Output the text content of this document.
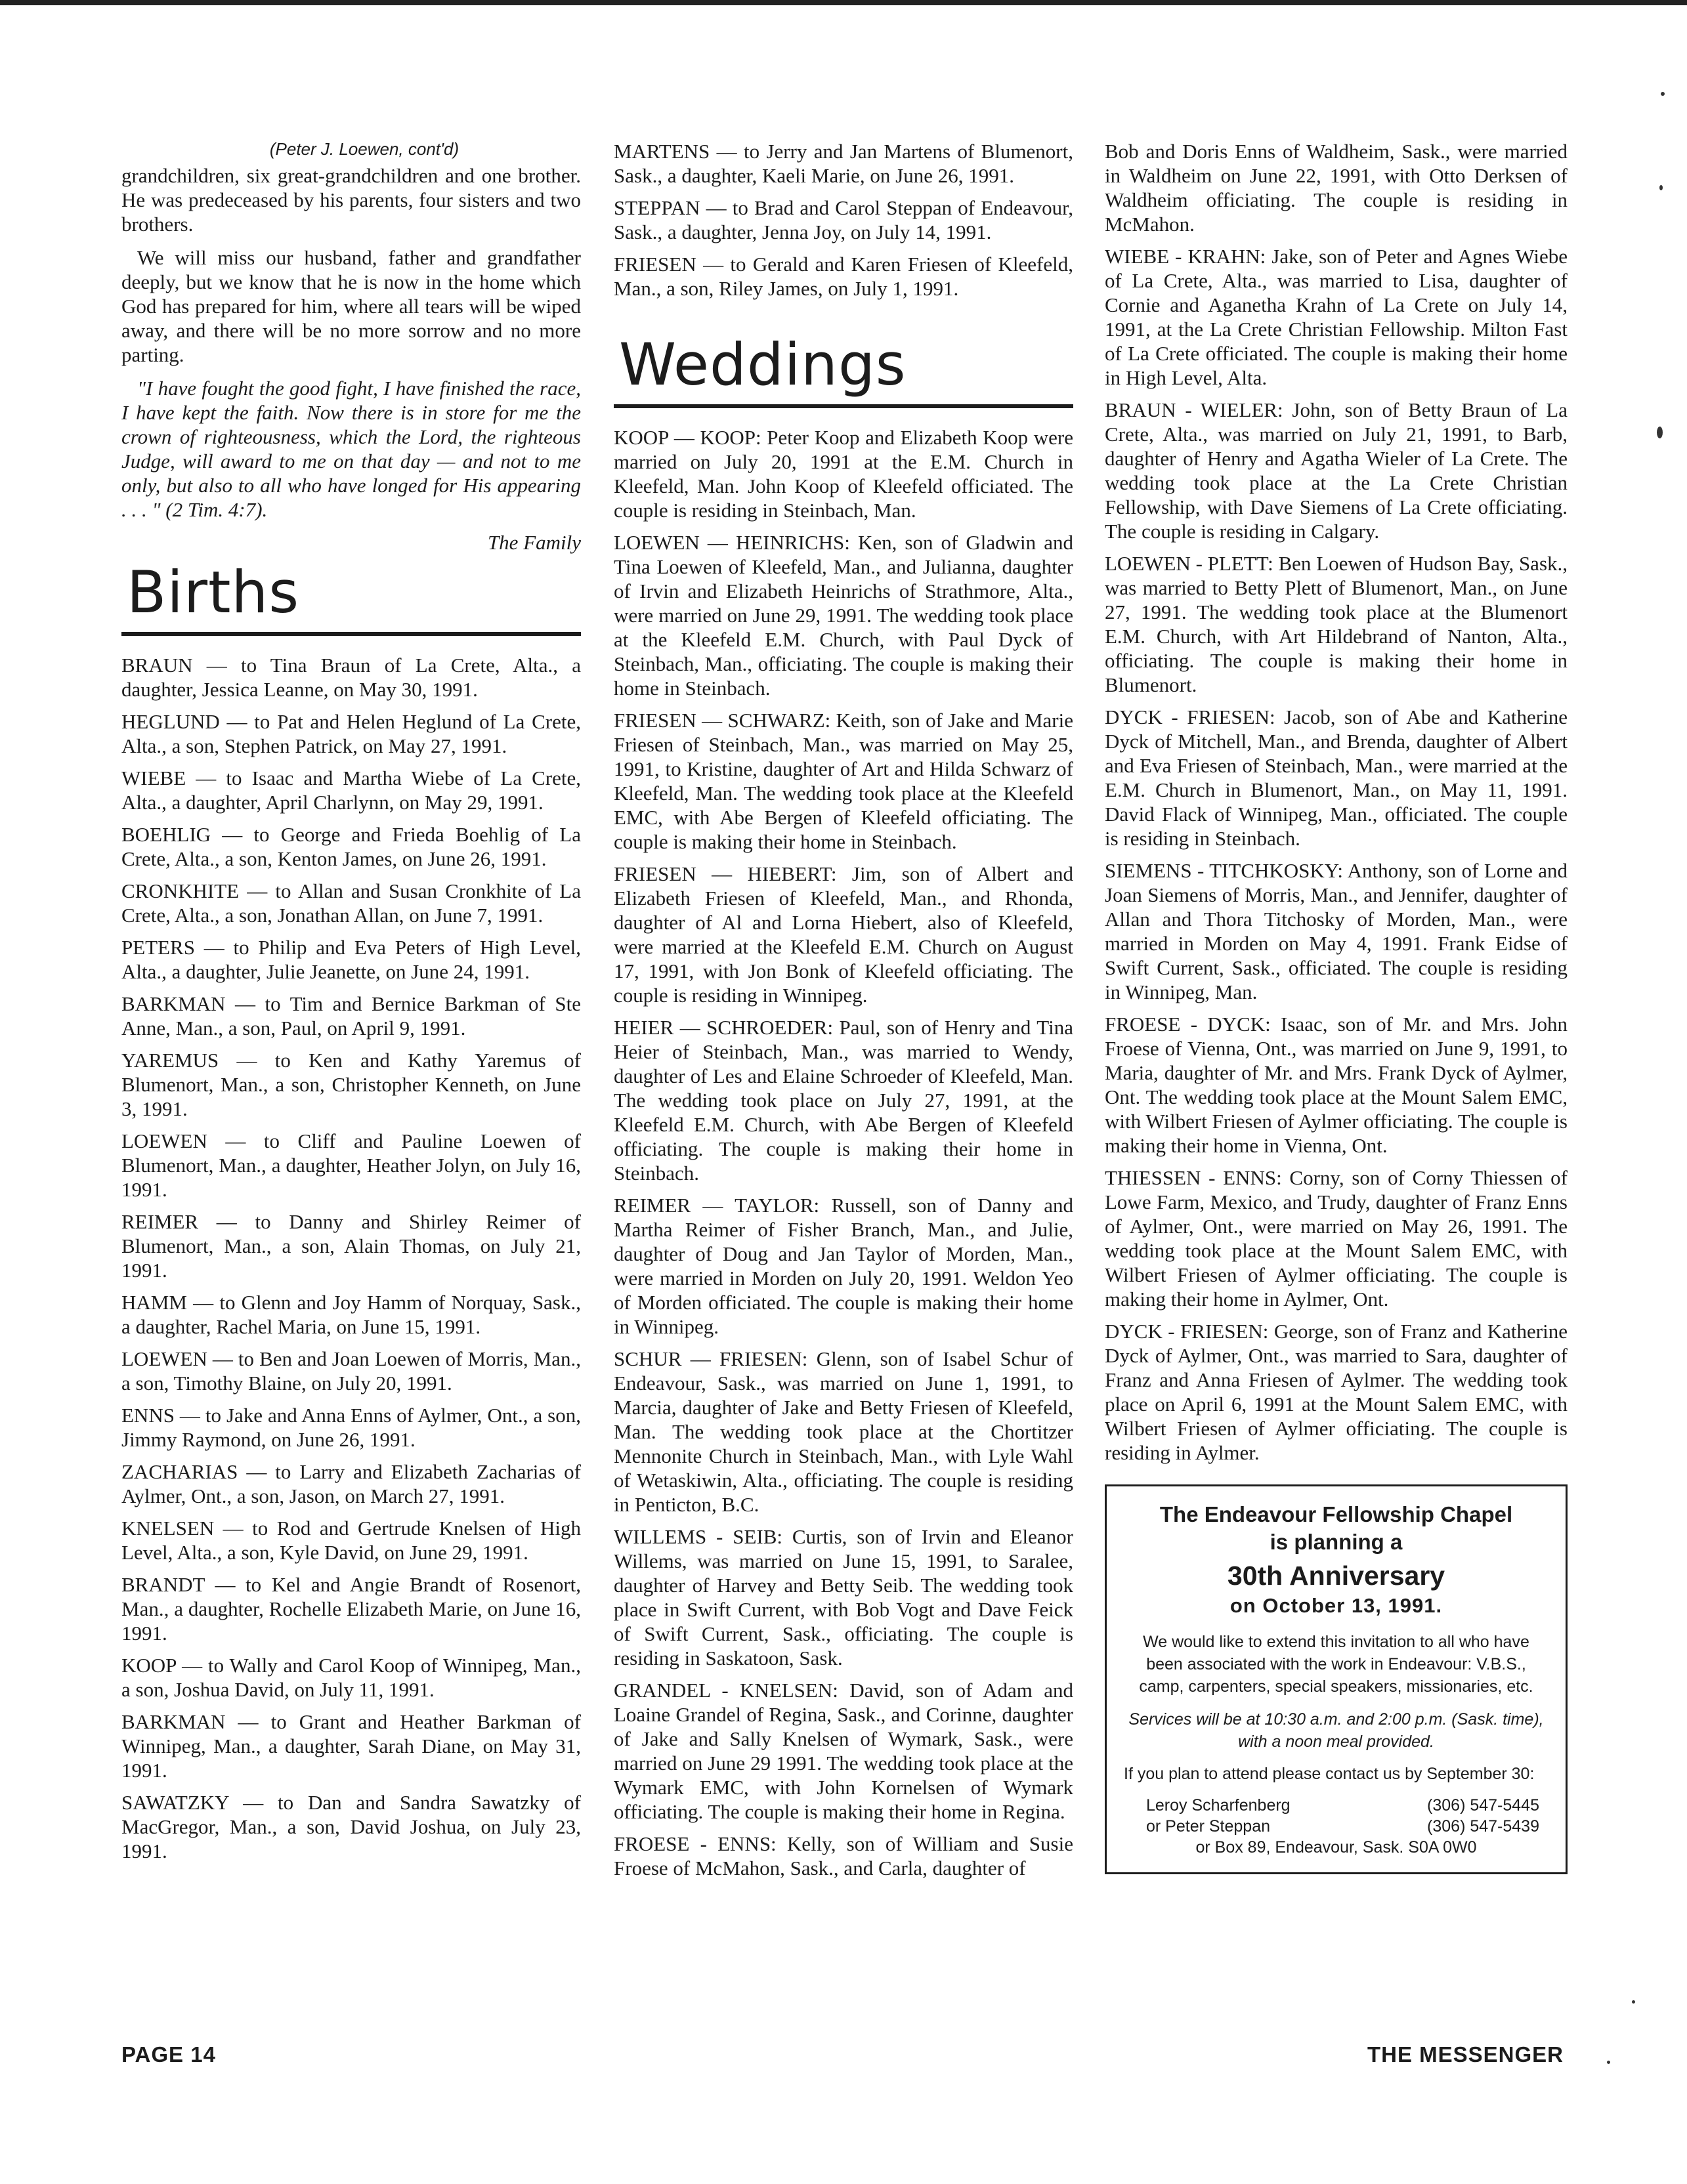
(Peter J. Loewen, cont'd)

grandchildren, six great-grandchildren and one brother. He was predeceased by his parents, four sisters and two brothers.

We will miss our husband, father and grandfather deeply, but we know that he is now in the home which God has prepared for him, where all tears will be wiped away, and there will be no more sorrow and no more parting.

"I have fought the good fight, I have finished the race, I have kept the faith. Now there is in store for me the crown of righteousness, which the Lord, the righteous Judge, will award to me on that day — and not to me only, but also to all who have longed for His appearing . . . " (2 Tim. 4:7).

The Family

Births

BRAUN — to Tina Braun of La Crete, Alta., a daughter, Jessica Leanne, on May 30, 1991.

HEGLUND — to Pat and Helen Heglund of La Crete, Alta., a son, Stephen Patrick, on May 27, 1991.

WIEBE — to Isaac and Martha Wiebe of La Crete, Alta., a daughter, April Charlynn, on May 29, 1991.

BOEHLIG — to George and Frieda Boehlig of La Crete, Alta., a son, Kenton James, on June 26, 1991.

CRONKHITE — to Allan and Susan Cronkhite of La Crete, Alta., a son, Jonathan Allan, on June 7, 1991.

PETERS — to Philip and Eva Peters of High Level, Alta., a daughter, Julie Jeanette, on June 24, 1991.

BARKMAN — to Tim and Bernice Barkman of Ste Anne, Man., a son, Paul, on April 9, 1991.

YAREMUS — to Ken and Kathy Yaremus of Blumenort, Man., a son, Christopher Kenneth, on June 3, 1991.

LOEWEN — to Cliff and Pauline Loewen of Blumenort, Man., a daughter, Heather Jolyn, on July 16, 1991.

REIMER — to Danny and Shirley Reimer of Blumenort, Man., a son, Alain Thomas, on July 21, 1991.

HAMM — to Glenn and Joy Hamm of Norquay, Sask., a daughter, Rachel Maria, on June 15, 1991.

LOEWEN — to Ben and Joan Loewen of Morris, Man., a son, Timothy Blaine, on July 20, 1991.

ENNS — to Jake and Anna Enns of Aylmer, Ont., a son, Jimmy Raymond, on June 26, 1991.

ZACHARIAS — to Larry and Elizabeth Zacharias of Aylmer, Ont., a son, Jason, on March 27, 1991.

KNELSEN — to Rod and Gertrude Knelsen of High Level, Alta., a son, Kyle David, on June 29, 1991.

BRANDT — to Kel and Angie Brandt of Rosenort, Man., a daughter, Rochelle Elizabeth Marie, on June 16, 1991.

KOOP — to Wally and Carol Koop of Winnipeg, Man., a son, Joshua David, on July 11, 1991.

BARKMAN — to Grant and Heather Barkman of Winnipeg, Man., a daughter, Sarah Diane, on May 31, 1991.

SAWATZKY — to Dan and Sandra Sawatzky of MacGregor, Man., a son, David Joshua, on July 23, 1991.

MARTENS — to Jerry and Jan Martens of Blumenort, Sask., a daughter, Kaeli Marie, on June 26, 1991.

STEPPAN — to Brad and Carol Steppan of Endeavour, Sask., a daughter, Jenna Joy, on July 14, 1991.

FRIESEN — to Gerald and Karen Friesen of Kleefeld, Man., a son, Riley James, on July 1, 1991.

Weddings

KOOP — KOOP: Peter Koop and Elizabeth Koop were married on July 20, 1991 at the E.M. Church in Kleefeld, Man. John Koop of Kleefeld officiated. The couple is residing in Steinbach, Man.

LOEWEN — HEINRICHS: Ken, son of Gladwin and Tina Loewen of Kleefeld, Man., and Julianna, daughter of Irvin and Elizabeth Heinrichs of Strathmore, Alta., were married on June 29, 1991. The wedding took place at the Kleefeld E.M. Church, with Paul Dyck of Steinbach, Man., officiating. The couple is making their home in Steinbach.

FRIESEN — SCHWARZ: Keith, son of Jake and Marie Friesen of Steinbach, Man., was married on May 25, 1991, to Kristine, daughter of Art and Hilda Schwarz of Kleefeld, Man. The wedding took place at the Kleefeld EMC, with Abe Bergen of Kleefeld officiating. The couple is making their home in Steinbach.

FRIESEN — HIEBERT: Jim, son of Albert and Elizabeth Friesen of Kleefeld, Man., and Rhonda, daughter of Al and Lorna Hiebert, also of Kleefeld, were married at the Kleefeld E.M. Church on August 17, 1991, with Jon Bonk of Kleefeld officiating. The couple is residing in Winnipeg.

HEIER — SCHROEDER: Paul, son of Henry and Tina Heier of Steinbach, Man., was married to Wendy, daughter of Les and Elaine Schroeder of Kleefeld, Man. The wedding took place on July 27, 1991, at the Kleefeld E.M. Church, with Abe Bergen of Kleefeld officiating. The couple is making their home in Steinbach.

REIMER — TAYLOR: Russell, son of Danny and Martha Reimer of Fisher Branch, Man., and Julie, daughter of Doug and Jan Taylor of Morden, Man., were married in Morden on July 20, 1991. Weldon Yeo of Morden officiated. The couple is making their home in Winnipeg.

SCHUR — FRIESEN: Glenn, son of Isabel Schur of Endeavour, Sask., was married on June 1, 1991, to Marcia, daughter of Jake and Betty Friesen of Kleefeld, Man. The wedding took place at the Chortitzer Mennonite Church in Steinbach, Man., with Lyle Wahl of Wetaskiwin, Alta., officiating. The couple is residing in Penticton, B.C.

WILLEMS - SEIB: Curtis, son of Irvin and Eleanor Willems, was married on June 15, 1991, to Saralee, daughter of Harvey and Betty Seib. The wedding took place in Swift Current, with Bob Vogt and Dave Feick of Swift Current, Sask., officiating. The couple is residing in Saskatoon, Sask.

GRANDEL - KNELSEN: David, son of Adam and Loaine Grandel of Regina, Sask., and Corinne, daughter of Jake and Sally Knelsen of Wymark, Sask., were married on June 29 1991. The wedding took place at the Wymark EMC, with John Kornelsen of Wymark officiating. The couple is making their home in Regina.

FROESE - ENNS: Kelly, son of William and Susie Froese of McMahon, Sask., and Carla, daughter of

Bob and Doris Enns of Waldheim, Sask., were married in Waldheim on June 22, 1991, with Otto Derksen of Waldheim officiating. The couple is residing in McMahon.

WIEBE - KRAHN: Jake, son of Peter and Agnes Wiebe of La Crete, Alta., was married to Lisa, daughter of Cornie and Aganetha Krahn of La Crete on July 14, 1991, at the La Crete Christian Fellowship. Milton Fast of La Crete officiated. The couple is making their home in High Level, Alta.

BRAUN - WIELER: John, son of Betty Braun of La Crete, Alta., was married on July 21, 1991, to Barb, daughter of Henry and Agatha Wieler of La Crete. The wedding took place at the La Crete Christian Fellowship, with Dave Siemens of La Crete officiating. The couple is residing in Calgary.

LOEWEN - PLETT: Ben Loewen of Hudson Bay, Sask., was married to Betty Plett of Blumenort, Man., on June 27, 1991. The wedding took place at the Blumenort E.M. Church, with Art Hildebrand of Nanton, Alta., officiating. The couple is making their home in Blumenort.

DYCK - FRIESEN: Jacob, son of Abe and Katherine Dyck of Mitchell, Man., and Brenda, daughter of Albert and Eva Friesen of Steinbach, Man., were married at the E.M. Church in Blumenort, Man., on May 11, 1991. David Flack of Winnipeg, Man., officiated. The couple is residing in Steinbach.

SIEMENS - TITCHKOSKY: Anthony, son of Lorne and Joan Siemens of Morris, Man., and Jennifer, daughter of Allan and Thora Titchosky of Morden, Man., were married in Morden on May 4, 1991. Frank Eidse of Swift Current, Sask., officiated. The couple is residing in Winnipeg, Man.

FROESE - DYCK: Isaac, son of Mr. and Mrs. John Froese of Vienna, Ont., was married on June 9, 1991, to Maria, daughter of Mr. and Mrs. Frank Dyck of Aylmer, Ont. The wedding took place at the Mount Salem EMC, with Wilbert Friesen of Aylmer officiating. The couple is making their home in Vienna, Ont.

THIESSEN - ENNS: Corny, son of Corny Thiessen of Lowe Farm, Mexico, and Trudy, daughter of Franz Enns of Aylmer, Ont., were married on May 26, 1991. The wedding took place at the Mount Salem EMC, with Wilbert Friesen of Aylmer officiating. The couple is making their home in Aylmer, Ont.

DYCK - FRIESEN: George, son of Franz and Katherine Dyck of Aylmer, Ont., was married to Sara, daughter of Franz and Anna Friesen of Aylmer. The wedding took place on April 6, 1991 at the Mount Salem EMC, with Wilbert Friesen of Aylmer officiating. The couple is residing in Aylmer.

The Endeavour Fellowship Chapel

is planning a

30th Anniversary

on October 13, 1991.

We would like to extend this invitation to all who have been associated with the work in Endeavour: V.B.S., camp, carpenters, special speakers, missionaries, etc.

Services will be at 10:30 a.m. and 2:00 p.m. (Sask. time), with a noon meal provided.

If you plan to attend please contact us by September 30:

Leroy Scharfenberg	(306) 547-5445
or Peter Steppan	(306) 547-5439
or Box 89, Endeavour, Sask. S0A 0W0
PAGE 14	THE MESSENGER
